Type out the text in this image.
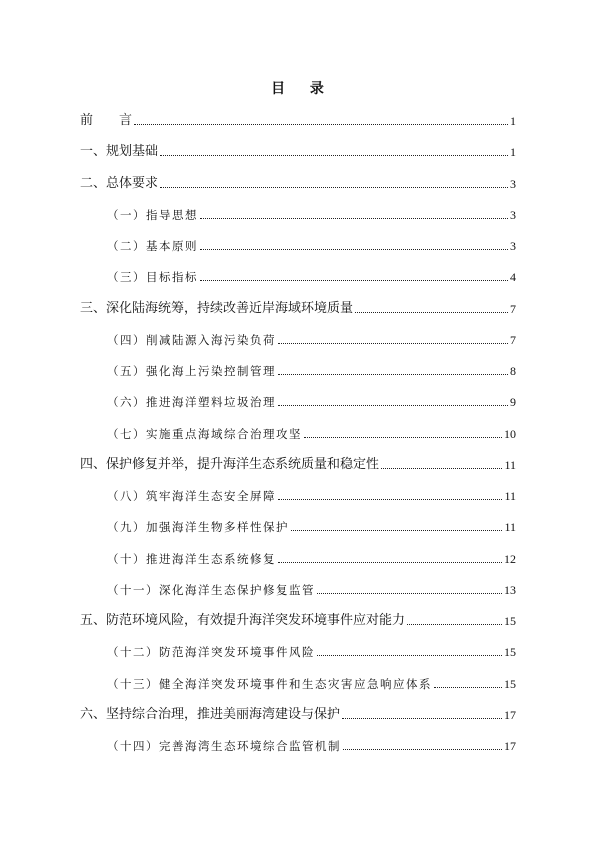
目 录
前　　言	1
一、规划基础	1
二、总体要求	3
（一）指导思想	3
（二）基本原则	3
（三）目标指标	4
三、深化陆海统筹，持续改善近岸海域环境质量	7
（四）削减陆源入海污染负荷	7
（五）强化海上污染控制管理	8
（六）推进海洋塑料垃圾治理	9
（七）实施重点海域综合治理攻坚	10
四、保护修复并举，提升海洋生态系统质量和稳定性	11
（八）筑牢海洋生态安全屏障	11
（九）加强海洋生物多样性保护	11
（十）推进海洋生态系统修复	12
（十一）深化海洋生态保护修复监管	13
五、防范环境风险，有效提升海洋突发环境事件应对能力	15
（十二）防范海洋突发环境事件风险	15
（十三）健全海洋突发环境事件和生态灾害应急响应体系	15
六、坚持综合治理，推进美丽海湾建设与保护	17
（十四）完善海湾生态环境综合监管机制	17
